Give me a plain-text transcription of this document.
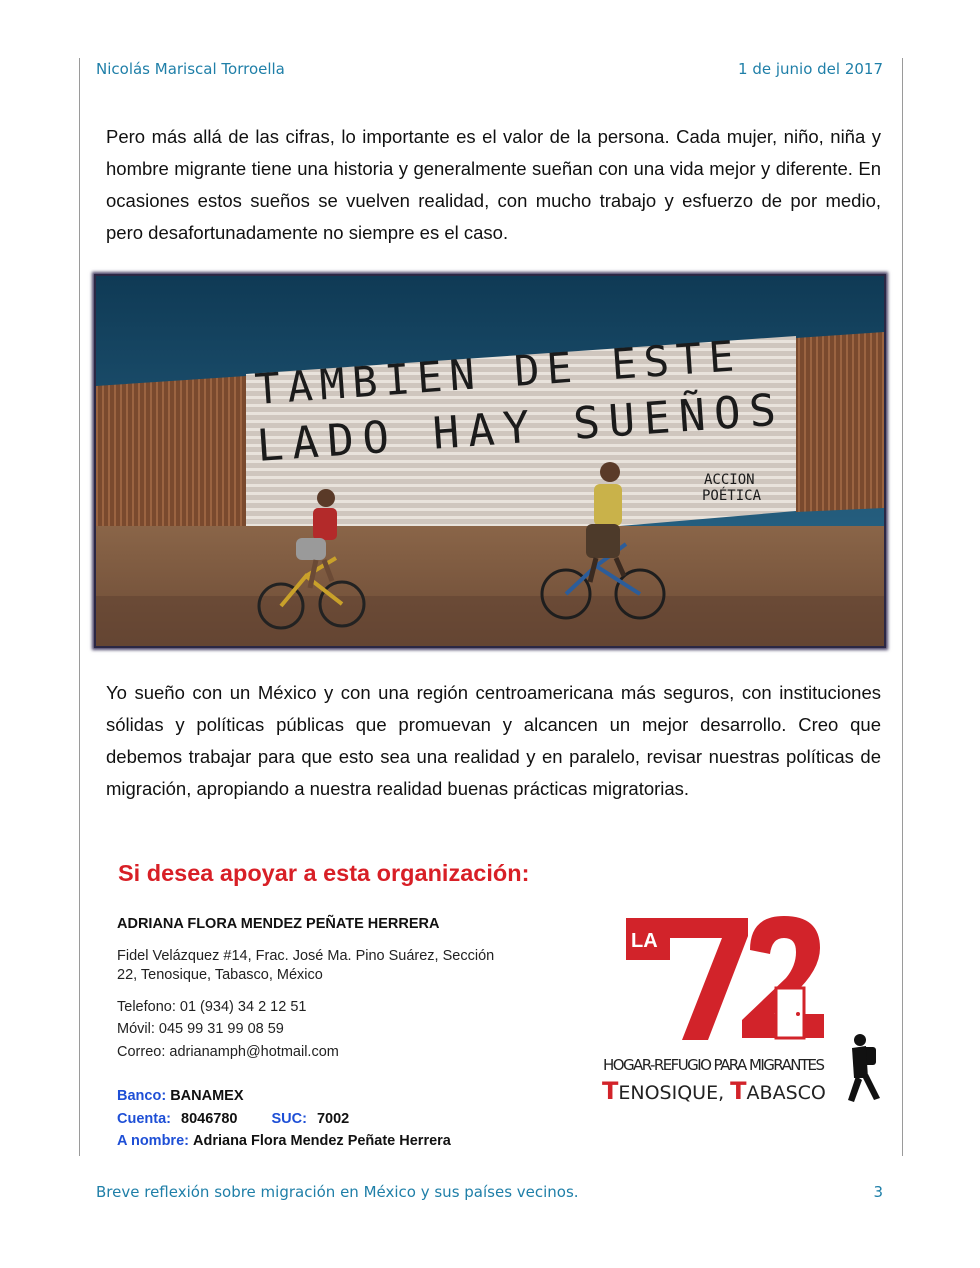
Nicolás Mariscal Torroella	1 de junio del 2017
Pero más allá de las cifras, lo importante es el valor de la persona. Cada mujer, niño, niña y hombre migrante tiene una historia y generalmente sueñan con una vida mejor y diferente. En ocasiones estos sueños se vuelven realidad, con mucho trabajo y esfuerzo de por medio, pero desafortunadamente no siempre es el caso.
TAMBIEN DE ESTE
LADO HAY SUEÑOS
ACCION
POÉTICA
Yo sueño con un México y con una región centroamericana más seguros, con instituciones sólidas y políticas públicas que promuevan y alcancen un mejor desarrollo. Creo que debemos trabajar para que esto sea una realidad y en paralelo, revisar nuestras políticas de migración, apropiando a nuestra realidad buenas prácticas migratorias.
Si desea apoyar a esta organización:
ADRIANA FLORA MENDEZ PEÑATE HERRERA
Fidel Velázquez #14, Frac. José Ma. Pino Suárez, Sección
22, Tenosique, Tabasco, México
Telefono: 01 (934) 34 2 12 51
Móvil: 045 99 31 99 08 59
Correo: adrianamph@hotmail.com
Banco: BANAMEX
Cuenta: 8046780 SUC: 7002
A nombre: Adriana Flora Mendez Peñate Herrera
LA
HOGAR-REFUGIO PARA MIGRANTES
TENOSIQUE, TABASCO
Breve reflexión sobre migración en México y sus países vecinos.	3
